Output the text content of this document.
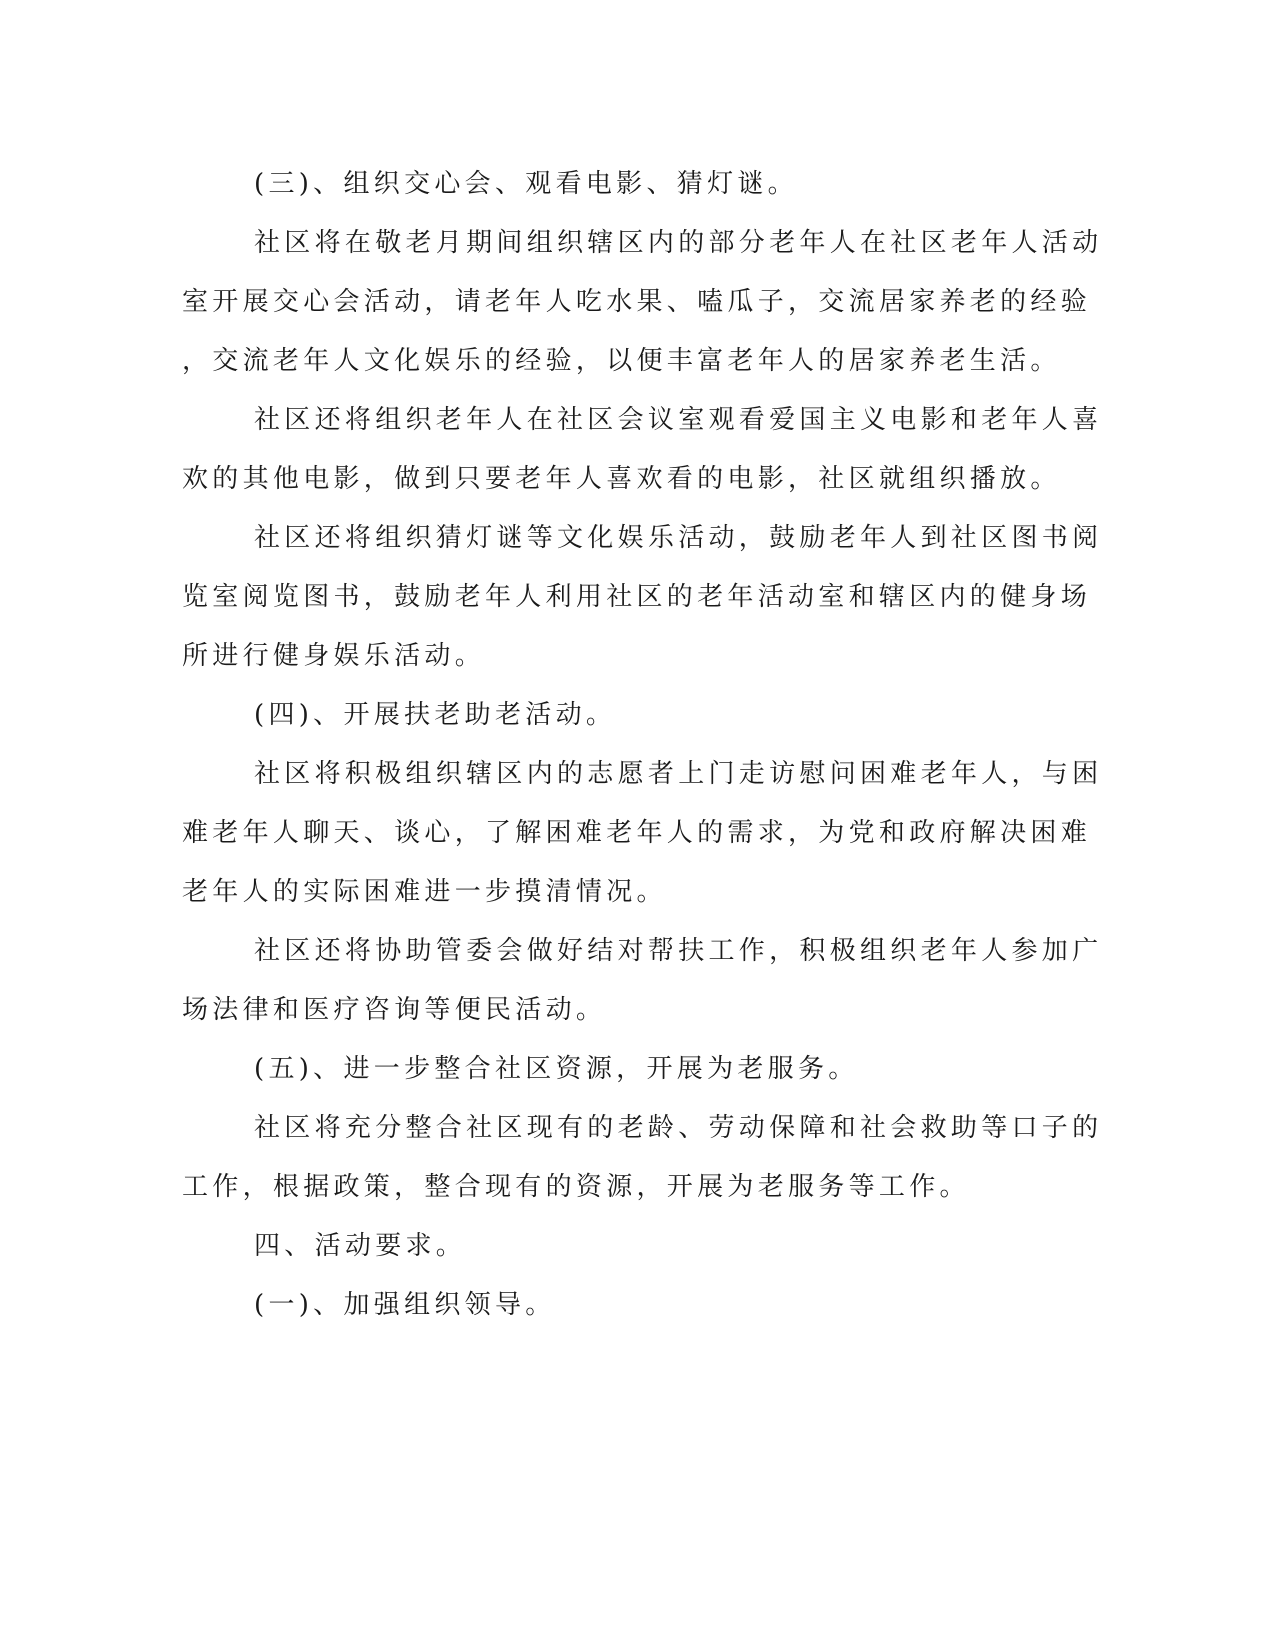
(三)、组织交心会、观看电影、猜灯谜。
社区将在敬老月期间组织辖区内的部分老年人在社区老年人活动
室开展交心会活动，请老年人吃水果、嗑瓜子，交流居家养老的经验
，交流老年人文化娱乐的经验，以便丰富老年人的居家养老生活。
社区还将组织老年人在社区会议室观看爱国主义电影和老年人喜
欢的其他电影，做到只要老年人喜欢看的电影，社区就组织播放。
社区还将组织猜灯谜等文化娱乐活动，鼓励老年人到社区图书阅
览室阅览图书，鼓励老年人利用社区的老年活动室和辖区内的健身场
所进行健身娱乐活动。
(四)、开展扶老助老活动。
社区将积极组织辖区内的志愿者上门走访慰问困难老年人，与困
难老年人聊天、谈心，了解困难老年人的需求，为党和政府解决困难
老年人的实际困难进一步摸清情况。
社区还将协助管委会做好结对帮扶工作，积极组织老年人参加广
场法律和医疗咨询等便民活动。
(五)、进一步整合社区资源，开展为老服务。
社区将充分整合社区现有的老龄、劳动保障和社会救助等口子的
工作，根据政策，整合现有的资源，开展为老服务等工作。
四、活动要求。
(一)、加强组织领导。
